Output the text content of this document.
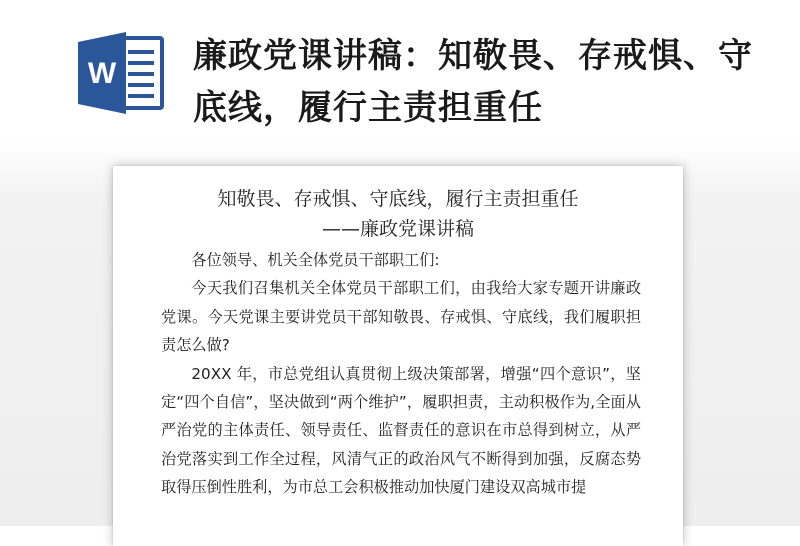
W 廉政党课讲稿：知敬畏、存戒惧、守底线，履行主责担重任
知敬畏、存戒惧、守底线，履行主责担重任
——廉政党课讲稿

各位领导、机关全体党员干部职工们:

今天我们召集机关全体党员干部职工们，由我给大家专题开讲廉政党课。今天党课主要讲党员干部知敬畏、存戒惧、守底线，我们履职担责怎么做?

20XX 年，市总党组认真贯彻上级决策部署，增强“四个意识”，坚定“四个自信”，坚决做到“两个维护”，履职担责，主动积极作为,全面从严治党的主体责任、领导责任、监督责任的意识在市总得到树立，从严治党落实到工作全过程，风清气正的政治风气不断得到加强，反腐态势取得压倒性胜利，为市总工会积极推动加快厦门建设双高城市提
